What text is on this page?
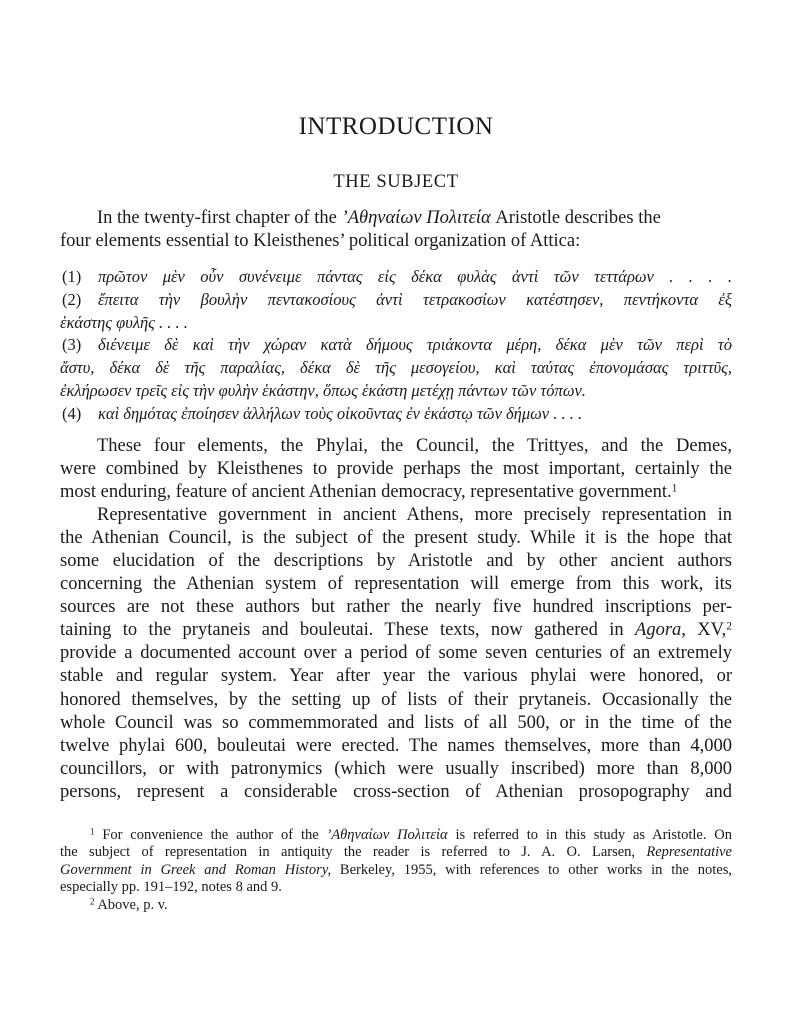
INTRODUCTION
THE SUBJECT

In the twenty-first chapter of the ’Αθηναίων Πολιτεία Aristotle describes the
four elements essential to Kleisthenes’ political organization of Attica:

(1) πρῶτον μὲν οὖν συνένειμε πάντας εἰς δέκα φυλὰς ἀντὶ τῶν τεττάρων . . . .
(2) ἔπειτα τὴν βουλὴν πεντακοσίους ἀντὶ τετρακοσίων κατέστησεν, πεντήκοντα ἐξ
ἑκάστης φυλῆς . . . .
(3) διένειμε δὲ καὶ τὴν χώραν κατὰ δήμους τριάκοντα μέρη, δέκα μὲν τῶν περὶ τὸ
ἄστυ, δέκα δὲ τῆς παραλίας, δέκα δὲ τῆς μεσογείου, καὶ ταύτας ἐπονομάσας τριττῦς,
ἐκλήρωσεν τρεῖς εἰς τὴν φυλὴν ἑκάστην, ὅπως ἑκάστη μετέχῃ πάντων τῶν τόπων.
(4) καὶ δημότας ἐποίησεν ἀλλήλων τοὺς οἰκοῦντας ἐν ἑκάστῳ τῶν δήμων . . . .
These four elements, the Phylai, the Council, the Trittyes, and the Demes,
were combined by Kleisthenes to provide perhaps the most important, certainly the
most enduring, feature of ancient Athenian democracy, representative government.$^1$
Representative government in ancient Athens, more precisely representation in
the Athenian Council, is the subject of the present study. While it is the hope that
some elucidation of the descriptions by Aristotle and by other ancient authors
concerning the Athenian system of representation will emerge from this work, its
sources are not these authors but rather the nearly five hundred inscriptions per-
taining to the prytaneis and bouleutai. These texts, now gathered in Agora, XV,$^2$
provide a documented account over a period of some seven centuries of an extremely
stable and regular system. Year after year the various phylai were honored, or
honored themselves, by the setting up of lists of their prytaneis. Occasionally the
whole Council was so commemmorated and lists of all 500, or in the time of the
twelve phylai 600, bouleutai were erected. The names themselves, more than 4,000
councillors, or with patronymics (which were usually inscribed) more than 8,000
persons, represent a considerable cross-section of Athenian prosopography and
$^1$ For convenience the author of the ’Αθηναίων Πολιτεία is referred to in this study as Aristotle. On
the subject of representation in antiquity the reader is referred to J. A. O. Larsen, Representative
Government in Greek and Roman History, Berkeley, 1955, with references to other works in the notes,
especially pp. 191–192, notes 8 and 9.
$^2$ Above, p. v.
